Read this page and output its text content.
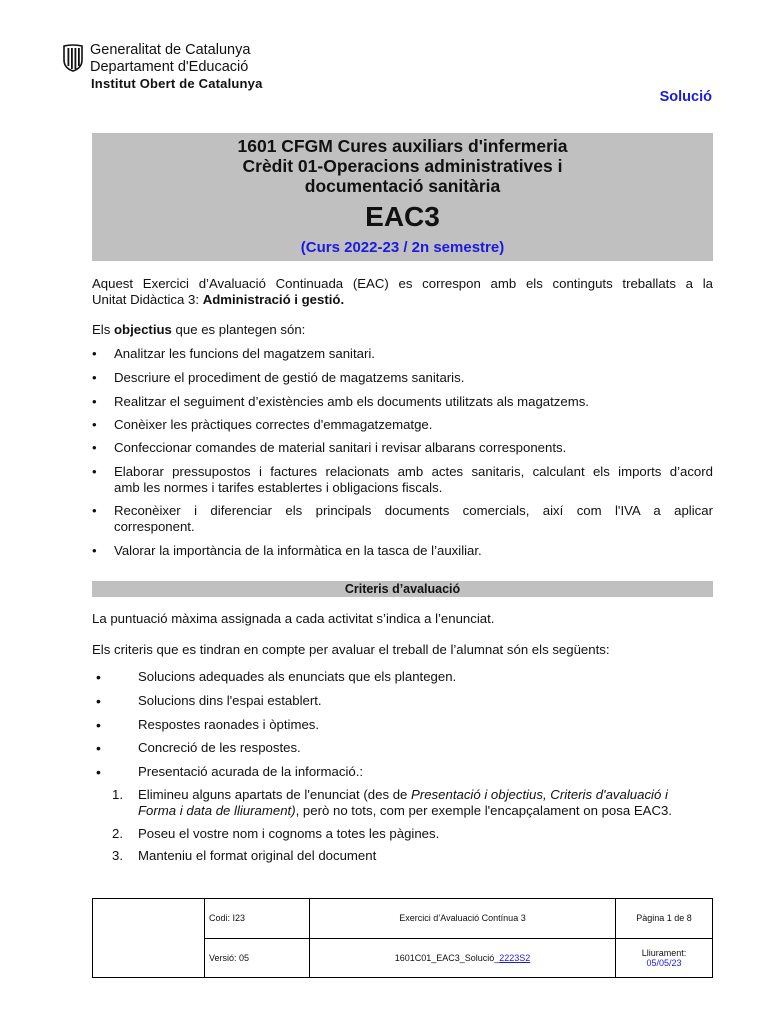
Generalitat de Catalunya
Departament d'Educació
Institut Obert de Catalunya
Solució
1601 CFGM Cures auxiliars d'infermeria
Crèdit 01-Operacions administratives i
documentació sanitària
EAC3
(Curs 2022-23 / 2n semestre)
Aquest Exercici d’Avaluació Continuada (EAC) es correspon amb els continguts treballats a la
Unitat Didàctica 3: Administració i gestió.
Els objectius que es plantegen són:
• Analitzar les funcions del magatzem sanitari.
• Descriure el procediment de gestió de magatzems sanitaris.
• Realitzar el seguiment d’existències amb els documents utilitzats als magatzems.
• Conèixer les pràctiques correctes d'emmagatzematge.
• Confeccionar comandes de material sanitari i revisar albarans corresponents.
• Elaborar pressupostos i factures relacionats amb actes sanitaris, calculant els imports d’acord
amb les normes i tarifes establertes i obligacions fiscals.
• Reconèixer i diferenciar els principals documents comercials, així com l'IVA a aplicar
corresponent.
• Valorar la importància de la informàtica en la tasca de l’auxiliar.
Criteris d’avaluació
La puntuació màxima assignada a cada activitat s’indica a l’enunciat.
Els criteris que es tindran en compte per avaluar el treball de l’alumnat són els següents:
•	Solucions adequades als enunciats que els plantegen.
•	Solucions dins l'espai establert.
•	Respostes raonades i òptimes.
•	Concreció de les respostes.
•	Presentació acurada de la informació.:
1. Elimineu alguns apartats de l'enunciat (des de Presentació i objectius, Criteris d'avaluació i
Forma i data de lliurament), però no tots, com per exemple l'encapçalament on posa EAC3.
2. Poseu el vostre nom i cognoms a totes les pàgines.
3. Manteniu el format original del document
	Codi: I23	Exercici d’Avaluació Contínua 3	Pàgina 1 de 8
	Versió: 05	1601C01_EAC3_Solució_2223S2	Lliurament:
05/05/23
